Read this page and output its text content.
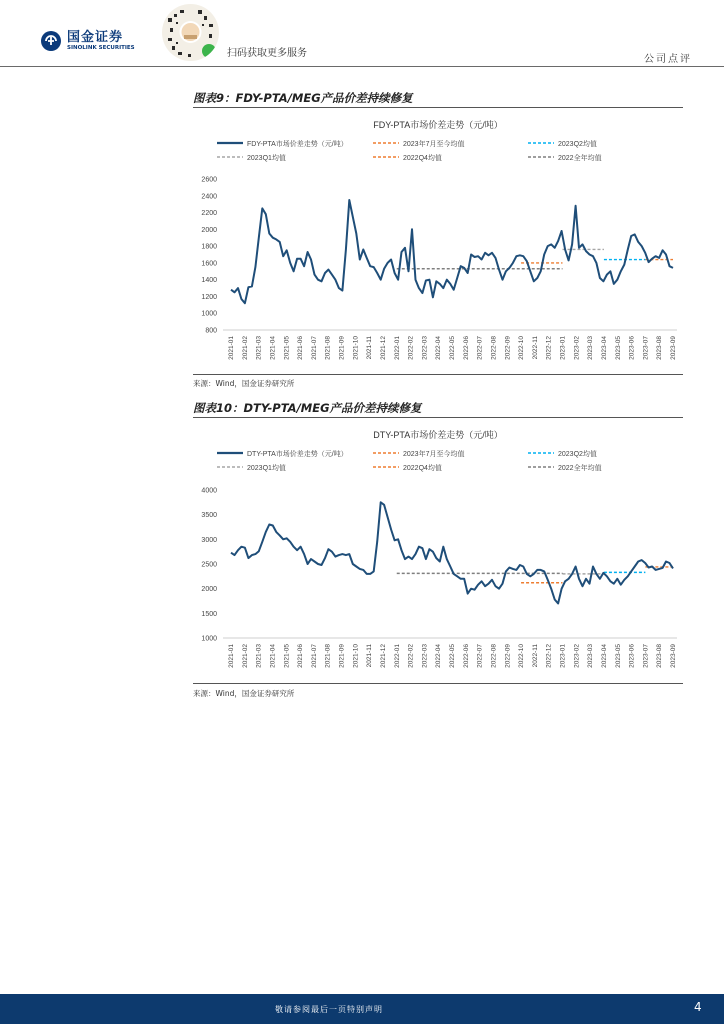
国金证券
SINOLINK SECURITIES
扫码获取更多服务
公司点评
图表9：FDY-PTA/MEG产品价差持续修复
FDY-PTA市场价差走势（元/吨）
FDY-PTA市场价差走势（元/吨）	2023年7月至今均值	2023Q2均值
2023Q1均值	2022Q4均值	2022全年均值
800
1000
1200
1400
1600
1800
2000
2200
2400
2600
2021-01 2021-02 2021-03 2021-04 2021-05 2021-06 2021-07 2021-08 2021-09 2021-10 2021-11 2021-12 2022-01 2022-02 2022-03 2022-04 2022-05 2022-06 2022-07 2022-08 2022-09 2022-10 2022-11 2022-12 2023-01 2023-02 2023-03 2023-04 2023-05 2023-06 2023-07 2023-08 2023-09
来源：Wind，国金证券研究所
图表10：DTY-PTA/MEG产品价差持续修复
DTY-PTA市场价差走势（元/吨）
DTY-PTA市场价差走势（元/吨）	2023年7月至今均值	2023Q2均值
2023Q1均值	2022Q4均值	2022全年均值
1000
1500
2000
2500
3000
3500
4000
2021-01 2021-02 2021-03 2021-04 2021-05 2021-06 2021-07 2021-08 2021-09 2021-10 2021-11 2021-12 2022-01 2022-02 2022-03 2022-04 2022-05 2022-06 2022-07 2022-08 2022-09 2022-10 2022-11 2022-12 2023-01 2023-02 2023-03 2023-04 2023-05 2023-06 2023-07 2023-08 2023-09
来源：Wind，国金证券研究所
敬请参阅最后一页特别声明	4
